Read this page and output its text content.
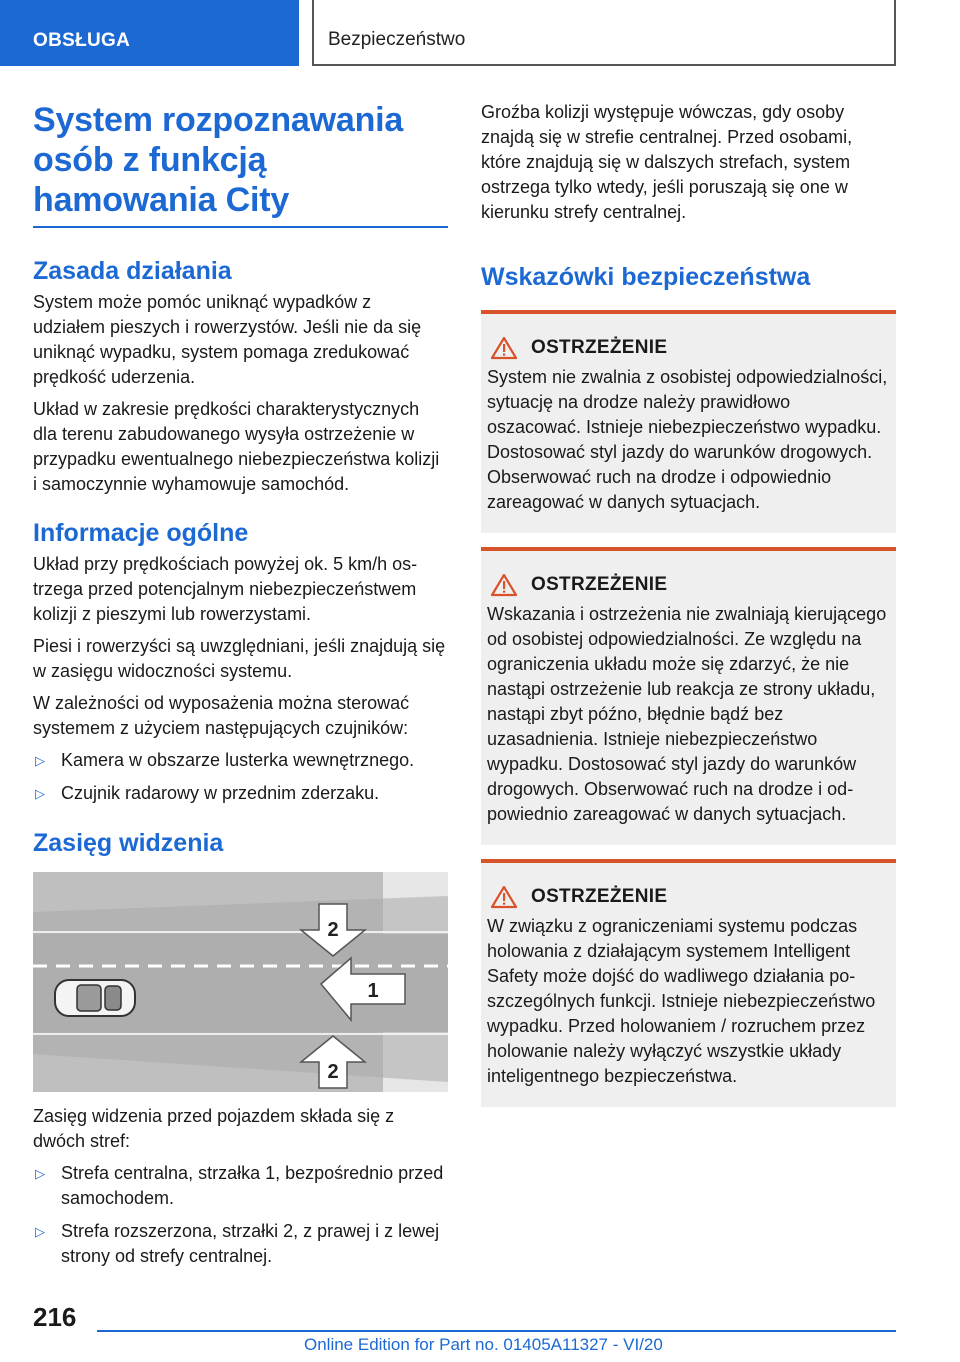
OBSŁUGA	Bezpieczeństwo
System rozpoznawania osób z funkcją hamowania City
Zasada działania

System może pomóc uniknąć wypadków z udziałem pieszych i rowerzystów. Jeśli nie da się uniknąć wypadku, system pomaga zredukować prędkość uderzenia.

Układ w zakresie prędkości charakterystycznych dla terenu zabudowanego wysyła ostrzeżenie w przypadku ewentualnego niebezpieczeństwa kolizji i samoczynnie wyhamowuje samochód.

Informacje ogólne

Układ przy prędkościach powyżej ok. 5 km/h ostrzega przed potencjalnym niebezpieczeństwem kolizji z pieszymi lub rowerzystami.

Piesi i rowerzyści są uwzględniani, jeśli znajdują się w zasięgu widoczności systemu.

W zależności od wyposażenia można sterować systemem z użyciem następujących czujników:

▷ Kamera w obszarze lusterka wewnętrznego.
▷ Czujnik radarowy w przednim zderzaku.
Zasięg widzenia
2
1
2

Zasięg widzenia przed pojazdem składa się z dwóch stref:

▷ Strefa centralna, strzałka 1, bezpośrednio przed samochodem.
▷ Strefa rozszerzona, strzałki 2, z prawej i z lewej strony od strefy centralnej.

Groźba kolizji występuje wówczas, gdy osoby znajdą się w strefie centralnej. Przed osobami, które znajdują się w dalszych strefach, system ostrzega tylko wtedy, jeśli poruszają się one w kierunku strefy centralnej.

Wskazówki bezpieczeństwa
OSTRZEŻENIE

System nie zwalnia z osobistej odpowiedzialności, sytuację na drodze należy prawidłowo oszacować. Istnieje niebezpieczeństwo wypadku. Dostosować styl jazdy do warunków drogowych. Obserwować ruch na drodze i odpowiednio zareagować w danych sytuacjach.

OSTRZEŻENIE

Wskazania i ostrzeżenia nie zwalniają kierującego od osobistej odpowiedzialności. Ze względu na ograniczenia układu może się zdarzyć, że nie nastąpi ostrzeżenie lub reakcja ze strony układu, nastąpi zbyt późno, błędnie bądź bez uzasadnienia. Istnieje niebezpieczeństwo wypadku. Dostosować styl jazdy do warunków drogowych. Obserwować ruch na drodze i odpowiednio zareagować w danych sytuacjach.

OSTRZEŻENIE

W związku z ograniczeniami systemu podczas holowania z działającym systemem Intelligent Safety może dojść do wadliwego działania poszczególnych funkcji. Istnieje niebezpieczeństwo wypadku. Przed holowaniem / rozruchem przez holowanie należy wyłączyć wszystkie układy inteligentnego bezpieczeństwa.

216
Online Edition for Part no. 01405A11327 - VI/20
